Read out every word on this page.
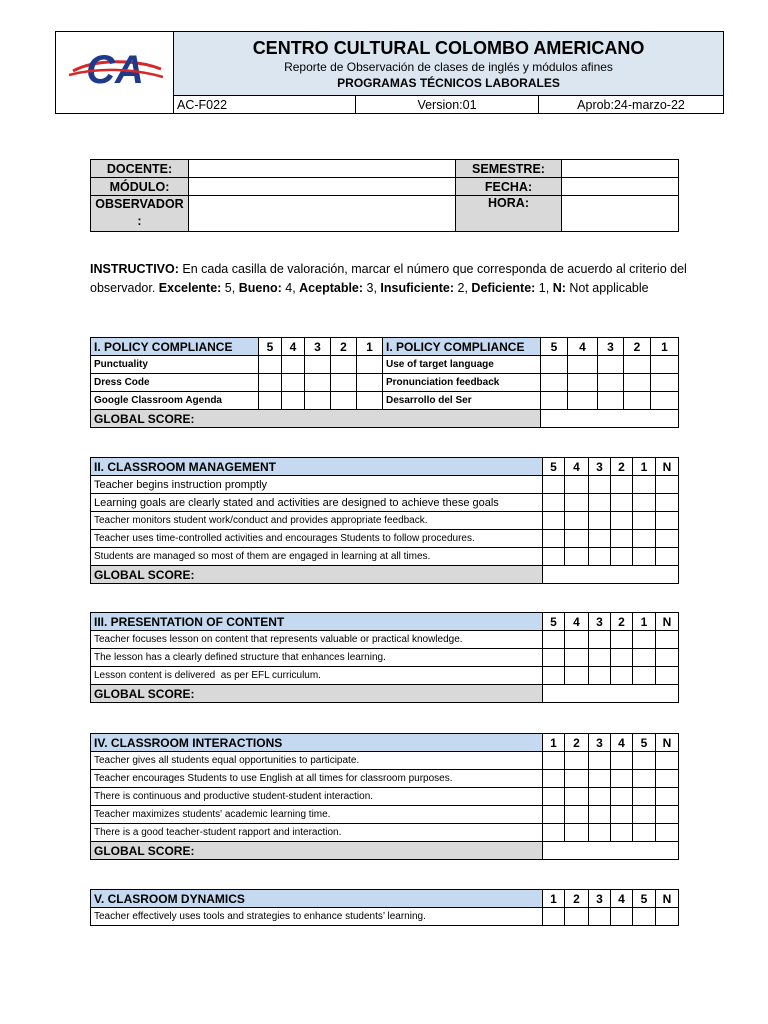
CA	CENTRO CULTURAL COLOMBO AMERICANO
Reporte de Observación de clases de inglés y módulos afines
PROGRAMAS TÉCNICOS LABORALES		

	AC-F022	Version:01	Aprob:24-marzo-22
DOCENTE:		SEMESTRE:	
MÓDULO:		FECHA:	
OBSERVADOR :		HORA:	
INSTRUCTIVO: En cada casilla de valoración, marcar el número que corresponda de acuerdo al criterio del observador. Excelente: 5, Bueno: 4, Aceptable: 3, Insuficiente: 2, Deficiente: 1, N: Not applicable
I. POLICY COMPLIANCE	5	4	3	2	1	I. POLICY COMPLIANCE	5	4	3	2	1
Punctuality						Use of target language					
Dress Code						Pronunciation feedback					
Google Classroom Agenda						Desarrollo del Ser					
GLOBAL SCORE:											
II. CLASSROOM MANAGEMENT	5	4	3	2	1	N
Teacher begins instruction promptly						
Learning goals are clearly stated and activities are designed to achieve these goals						
Teacher monitors student work/conduct and provides appropriate feedback.						
Teacher uses time-controlled activities and encourages Students to follow procedures.						
Students are managed so most of them are engaged in learning at all times.						
GLOBAL SCORE:						
III. PRESENTATION OF CONTENT	5	4	3	2	1	N
Teacher focuses lesson on content that represents valuable or practical knowledge.						
The lesson has a clearly defined structure that enhances learning.						
Lesson content is delivered  as per EFL curriculum.						
GLOBAL SCORE:						
IV. CLASSROOM INTERACTIONS	1	2	3	4	5	N
Teacher gives all students equal opportunities to participate.						
Teacher encourages Students to use English at all times for classroom purposes.						
There is continuous and productive student-student interaction.						
Teacher maximizes students' academic learning time.						
There is a good teacher-student rapport and interaction.						
GLOBAL SCORE:						
V. CLASROOM DYNAMICS	1	2	3	4	5	N
Teacher effectively uses tools and strategies to enhance students’ learning.						
